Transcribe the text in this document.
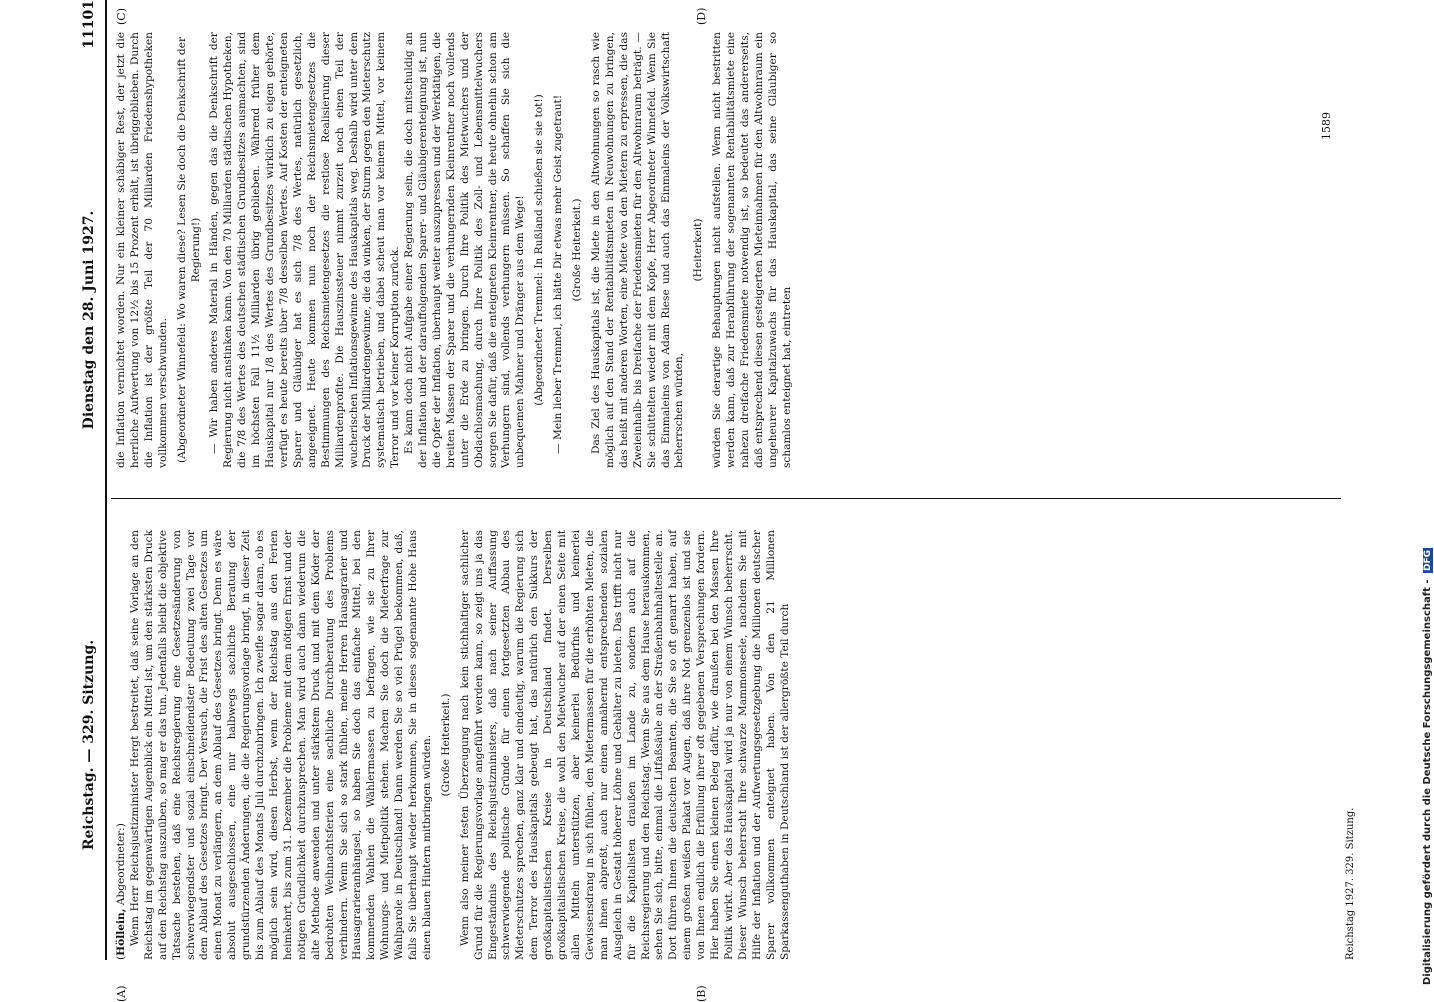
Reichstag. — 329. Sitzung.
Dienstag den 28. Juni 1927.
11101
(A)	(B)
(C)	(D)

(Höllein, Abgeordneter:) Wenn Herr Reichsjustizminister Hergt bestreitet, daß seine Vorlage an den Reichstag im gegenwärtigen Augenblick ein Mittel ist, um den stärksten Druck auf den Reichstag auszuüben, so mag er das tun. Jedenfalls bleibt die objektive Tatsache bestehen, daß eine Reichsregierung eine Gesetzesänderung von schwerwiegendster und sozial einschneidendster Bedeutung zwei Tage vor dem Ablauf des Gesetzes bringt. Der Versuch, die Frist des alten Gesetzes um einen Monat zu verlängern, an dem Ablauf des Gesetzes bringt. Denn es wäre absolut ausgeschlossen, eine nur halbwegs sachliche Beratung der grundstürzenden Änderungen, die die Regierungsvorlage bringt, in dieser Zeit bis zum Ablauf des Monats Juli durchzubringen. Ich zweifle sogar daran, ob es möglich sein wird, diesen Herbst, wenn der Reichstag aus den Ferien heimkehrt, bis zum 31. Dezember die Probleme mit dem nötigen Ernst und der nötigen Gründlichkeit durchzusprechen. Man wird auch dann wiederum die alte Methode anwenden und unter stärkstem Druck und mit dem Köder der bedrohten Weihnachtsferien eine sachliche Durchberatung des Problems verhindern. Wenn Sie sich so stark fühlen, meine Herren Hausagrarier und Hausagrarieranhängsel, so haben Sie doch das einfache Mittel, bei den kommenden Wahlen die Wählermassen zu befragen, wie sie zu Ihrer Wohnungs- und Mietpolitik stehen. Machen Sie doch die Mieterfrage zur Wahlparole in Deutschland! Dann werden Sie so viel Prügel bekommen, daß, falls Sie überhaupt wieder herkommen, Sie in dieses sogenannte Hohe Haus einen blauen Hintern mitbringen würden. (Große Heiterkeit.) Wenn also meiner festen Überzeugung nach kein stichhaltiger sachlicher Grund für die Regierungsvorlage angeführt werden kann, so zeigt uns ja das Eingeständnis des Reichsjustizministers, daß nach seiner Auffassung schwerwiegende politische Gründe für einen fortgesetzten Abbau des Mieterschutzes sprechen, ganz klar und eindeutig, warum die Regierung sich dem Terror des Hauskapitals gebeugt hat, das natürlich den Sukkurs der großkapitalistischen Kreise in Deutschland findet. Derselben großkapitalistischen Kreise, die wohl den Mietwucher auf der einen Seite mit allen Mitteln unterstützen, aber keinerlei Bedürfnis und keinerlei Gewissensdrang in sich fühlen, den Mietermassen für die erhöhten Mieten, die man ihnen abpreßt, auch nur einen annähernd entsprechenden sozialen Ausgleich in Gestalt höherer Löhne und Gehälter zu bieten. Das trifft nicht nur für die Kapitalisten draußen im Lande zu, sondern auch auf die Reichsregierung und den Reichstag. Wenn Sie aus dem Hause herauskommen, sehen Sie sich, bitte, einmal die Litfaßsäule an der Straßenbahnhaltestelle an. Dort führen Ihnen die deutschen Beamten, die Sie so oft genarrt haben, auf einem großen weißen Plakat vor Augen, daß ihre Not grenzenlos ist und sie von Ihnen endlich die Erfüllung ihrer oft gegebenen Versprechungen fordern. Hier haben Sie einen kleinen Beleg dafür, wie draußen bei den Massen Ihre Politik wirkt. Aber das Hauskapital wird ja nur von einem Wunsch beherrscht. Dieser Wunsch beherrscht Ihre schwarze Mammonseele, nachdem Sie mit Hilfe der Inflation und der Aufwertungsgesetzgebung die Millionen deutscher Sparer vollkommen enteignet haben. Von den 21 Millionen Sparkassenguthaben in Deutschland ist der allergrößte Teil durch

die Inflation vernichtet worden. Nur ein kleiner schäbiger Rest, der jetzt die herrliche Aufwertung von 12½ bis 15 Prozent erhält, ist übriggeblieben. Durch die Inflation ist der größte Teil der 70 Milliarden Friedenshypotheken vollkommen verschwunden. (Abgeordneter Winnefeld: Wo waren diese? Lesen Sie doch die Denkschrift der Regierung!) — Wir haben anderes Material in Händen, gegen das die Denkschrift der Regierung nicht anstinken kann. Von den 70 Milliarden städtischen Hypotheken, die 7/8 des Wertes des deutschen städtischen Grundbesitzes ausmachten, sind im höchsten Fall 11½ Milliarden übrig geblieben. Während früher dem Hauskapital nur 1/8 des Wertes des Grundbesitzes wirklich zu eigen gehörte, verfügt es heute bereits über 7/8 desselben Wertes. Auf Kosten der enteigneten Sparer und Gläubiger hat es sich 7/8 des Wertes, natürlich gesetzlich, angeeignet. Heute kommen nun noch der Reichsmietengesetzes die Bestimmungen des Reichsmietengesetzes die restlose Realisierung dieser Milliardenprofite. Die Hauszinssteuer nimmt zurzeit noch einen Teil der wucherischen Inflationsgewinne des Hauskapitals weg. Deshalb wird unter dem Druck der Milliardengewinne, die da winken, der Sturm gegen den Mieterschutz systematisch betrieben, und dabei scheut man vor keinem Mittel, vor keinem Terror und vor keiner Korruption zurück. Es kann doch nicht Aufgabe einer Regierung sein, die doch mitschuldig an der Inflation und der darauffolgenden Sparer- und Gläubigerenteignung ist, nun die Opfer der Inflation, überhaupt weiter auszupressen und der Werktätigen, die breiten Massen der Sparer und die verhungernden Kleinrentner noch vollends unter die Erde zu bringen. Durch Ihre Politik des Mietwuchers und der Obdachlosmachung, durch Ihre Politik des Zoll- und Lebensmittelwuchers sorgen Sie dafür, daß die enteigneten Kleinrentner, die heute ohnehin schon am Verhungern sind, vollends verhungern müssen. So schaffen Sie sich die unbequemen Mahner und Dränger aus dem Wege! (Abgeordneter Tremmel: In Rußland schießen sie sie tot!) — Mein lieber Tremmel, ich hätte Dir etwas mehr Geist zugetraut! (Große Heiterkeit.) Das Ziel des Hauskapitals ist, die Miete in den Altwohnungen so rasch wie möglich auf den Stand der Rentabilitätsmieten in Neuwohnungen zu bringen, das heißt mit anderen Worten, eine Miete von den Mietern zu erpressen, die das Zweieinhalb- bis Dreifache der Friedensmieten für den Altwohnraum beträgt. — Sie schüttelten wieder mit dem Kopfe, Herr Abgeordneter Winnefeld. Wenn Sie das Einmaleins von Adam Riese und auch das Einmaleins der Volkswirtschaft beherrschen würden,

(Heiterkeit) würden Sie derartige Behauptungen nicht aufstellen. Wenn nicht bestritten werden kann, daß zur Herabführung der sogenannten Rentabilitätsmiete eine nahezu dreifache Friedensmiete notwendig ist, so bedeutet das andererseits, daß entsprechend diesen gesteigerten Mieteinnahmen für den Altwohnraum ein ungeheurer Kapitalzuwachs für das Hauskapital, das seine Gläubiger so schamlos enteignet hat, eintreten

Reichstag 1927. 329. Sitzung.
1589
Digitalisierung gefördert durch die Deutsche Forschungsgemeinschaft - DFG
